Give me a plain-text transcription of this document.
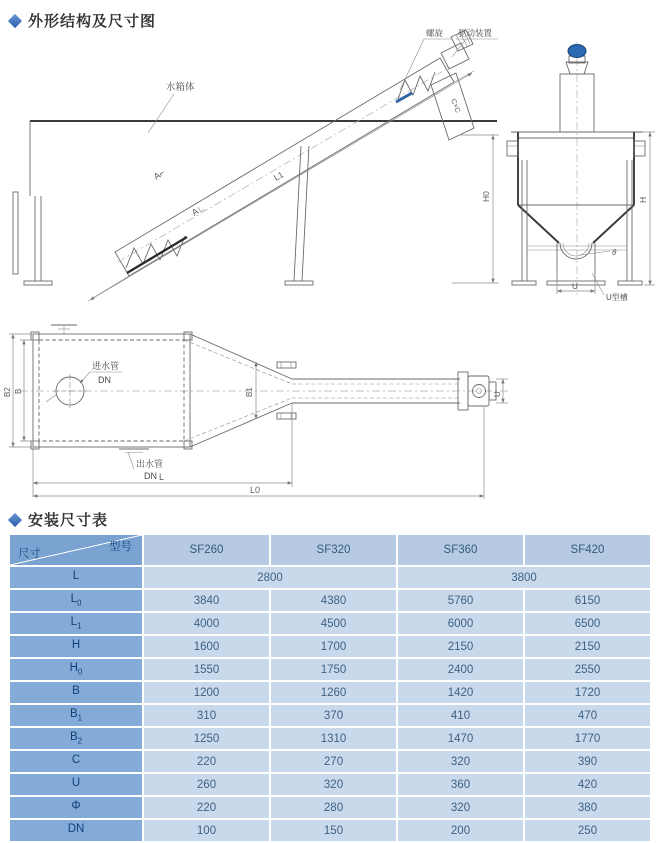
外形结构及尺寸图
C×C
H0
L1
A⌐
A∟
水箱体
螺旋 驱动装置
θ
U
U型槽
H
进水管
DN
出水管
DN
U
B2 B	B1
L
L0
安装尺寸表
型号
尺寸	SF260	SF320	SF360	SF420
L	2800		3800	
$L_0$	3840	4380	5760	6150
$L_1$	4000	4500	6000	6500
H	1600	1700	2150	2150
$H_0$	1550	1750	2400	2550
B	1200	1260	1420	1720
$B_1$	310	370	410	470
$B_2$	1250	1310	1470	1770
C	220	270	320	390
U	260	320	360	420
Φ	220	280	320	380
DN	100	150	200	250
